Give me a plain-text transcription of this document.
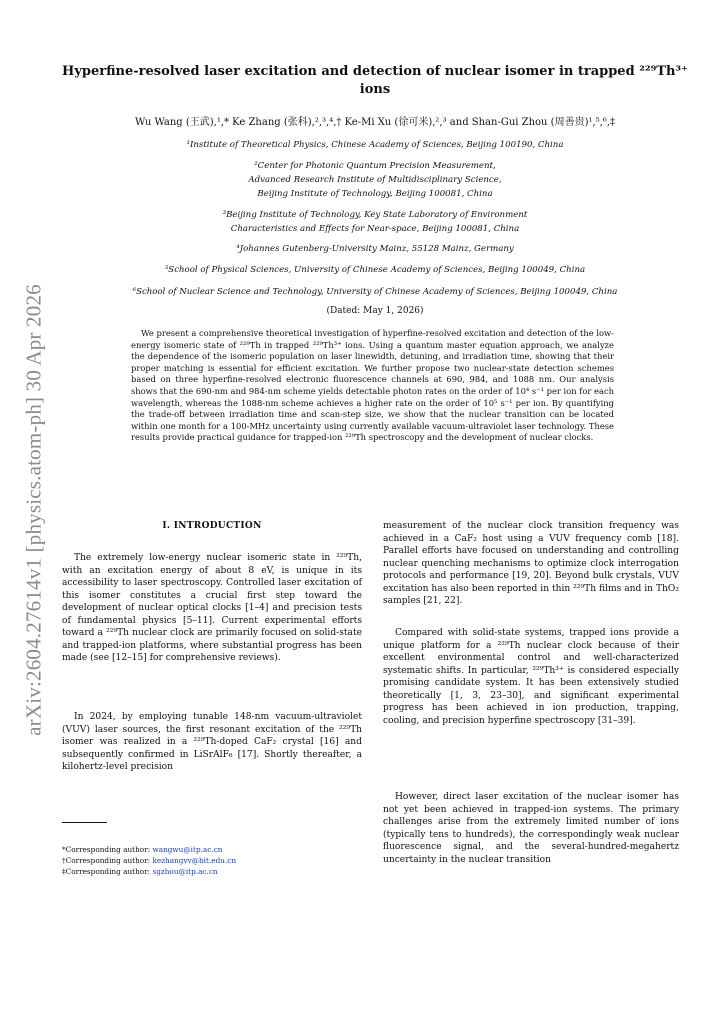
arXiv:2604.27614v1 [physics.atom-ph] 30 Apr 2026
Hyperfine-resolved laser excitation and detection of nuclear isomer in trapped ²²⁹Th³⁺ ions
Wu Wang (王武),¹,* Ke Zhang (张科),²,³,⁴,† Ke-Mi Xu (徐可米),²,³ and Shan-Gui Zhou (周善贵)¹,⁵,⁶,‡
¹Institute of Theoretical Physics, Chinese Academy of Sciences, Beijing 100190, China
²Center for Photonic Quantum Precision Measurement,
Advanced Research Institute of Multidisciplinary Science,
Beijing Institute of Technology, Beijing 100081, China
³Beijing Institute of Technology, Key State Laboratory of Environment
Characteristics and Effects for Near-space, Beijing 100081, China
⁴Johannes Gutenberg-University Mainz, 55128 Mainz, Germany
⁵School of Physical Sciences, University of Chinese Academy of Sciences, Beijing 100049, China
⁶School of Nuclear Science and Technology, University of Chinese Academy of Sciences, Beijing 100049, China
(Dated: May 1, 2026)
We present a comprehensive theoretical investigation of hyperfine-resolved excitation and detection of the low-energy isomeric state of ²²⁹Th in trapped ²²⁹Th³⁺ ions. Using a quantum master equation approach, we analyze the dependence of the isomeric population on laser linewidth, detuning, and irradiation time, showing that their proper matching is essential for efficient excitation. We further propose two nuclear-state detection schemes based on three hyperfine-resolved electronic fluorescence channels at 690, 984, and 1088 nm. Our analysis shows that the 690-nm and 984-nm scheme yields detectable photon rates on the order of 10⁴ s⁻¹ per ion for each wavelength, whereas the 1088-nm scheme achieves a higher rate on the order of 10⁵ s⁻¹ per ion. By quantifying the trade-off between irradiation time and scan-step size, we show that the nuclear transition can be located within one month for a 100-MHz uncertainty using currently available vacuum-ultraviolet laser technology. These results provide practical guidance for trapped-ion ²²⁹Th spectroscopy and the development of nuclear clocks.
I. INTRODUCTION

The extremely low-energy nuclear isomeric state in ²²⁹Th, with an excitation energy of about 8 eV, is unique in its accessibility to laser spectroscopy. Controlled laser excitation of this isomer constitutes a crucial first step toward the development of nuclear optical clocks [1–4] and precision tests of fundamental physics [5–11]. Current experimental efforts toward a ²²⁹Th nuclear clock are primarily focused on solid-state and trapped-ion platforms, where substantial progress has been made (see [12–15] for comprehensive reviews).

In 2024, by employing tunable 148-nm vacuum-ultraviolet (VUV) laser sources, the first resonant excitation of the ²²⁹Th isomer was realized in a ²²⁹Th-doped CaF₂ crystal [16] and subsequently confirmed in LiSrAlF₆ [17]. Shortly thereafter, a kilohertz-level precision

*Corresponding author: wangwu@itp.ac.cn
†Corresponding author: kezhangvv@bit.edu.cn
‡Corresponding author: sgzhou@itp.ac.cn

measurement of the nuclear clock transition frequency was achieved in a CaF₂ host using a VUV frequency comb [18]. Parallel efforts have focused on understanding and controlling nuclear quenching mechanisms to optimize clock interrogation protocols and performance [19, 20]. Beyond bulk crystals, VUV excitation has also been reported in thin ²²⁹Th films and in ThO₂ samples [21, 22].

Compared with solid-state systems, trapped ions provide a unique platform for a ²²⁹Th nuclear clock because of their excellent environmental control and well-characterized systematic shifts. In particular, ²²⁹Th³⁺ is considered especially promising candidate system. It has been extensively studied theoretically [1, 3, 23–30], and significant experimental progress has been achieved in ion production, trapping, cooling, and precision hyperfine spectroscopy [31–39].

However, direct laser excitation of the nuclear isomer has not yet been achieved in trapped-ion systems. The primary challenges arise from the extremely limited number of ions (typically tens to hundreds), the correspondingly weak nuclear fluorescence signal, and the several-hundred-megahertz uncertainty in the nuclear transition
